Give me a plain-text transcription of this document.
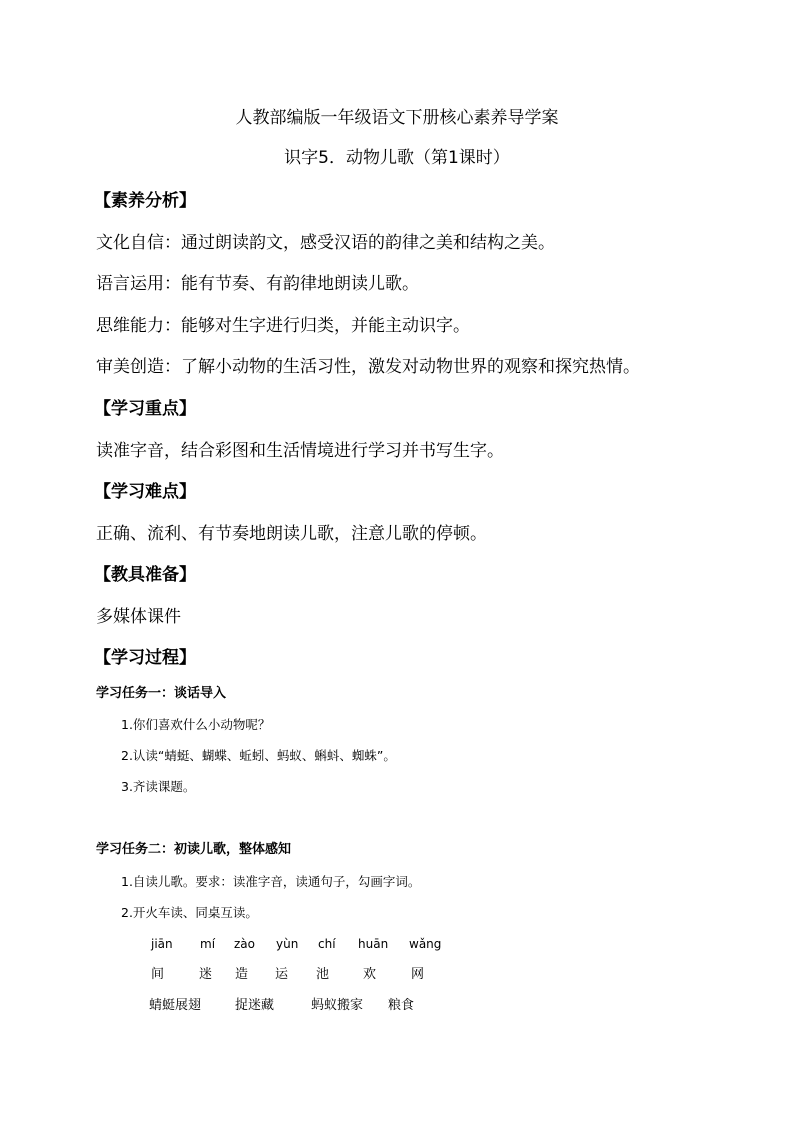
人教部编版一年级语文下册核心素养导学案
识字5．动物儿歌（第1课时）
【素养分析】
文化自信：通过朗读韵文，感受汉语的韵律之美和结构之美。
语言运用：能有节奏、有韵律地朗读儿歌。
思维能力：能够对生字进行归类，并能主动识字。
审美创造：了解小动物的生活习性，激发对动物世界的观察和探究热情。
【学习重点】
读准字音，结合彩图和生活情境进行学习并书写生字。
【学习难点】
正确、流利、有节奏地朗读儿歌，注意儿歌的停顿。
【教具准备】
多媒体课件
【学习过程】
学习任务一：谈话导入
1.你们喜欢什么小动物呢？
2.认读“蜻蜓、蝴蝶、蚯蚓、蚂蚁、蝌蚪、蜘蛛”。
3.齐读课题。
学习任务二：初读儿歌，整体感知
1.自读儿歌。要求：读准字音，读通句子，勾画字词。
2.开火车读、同桌互读。
jiān mí zào yùn chí huān wǎng
间	迷 造 运 池	欢	网
蜻蜓展翅	捉迷藏	蚂蚁搬家 粮食
